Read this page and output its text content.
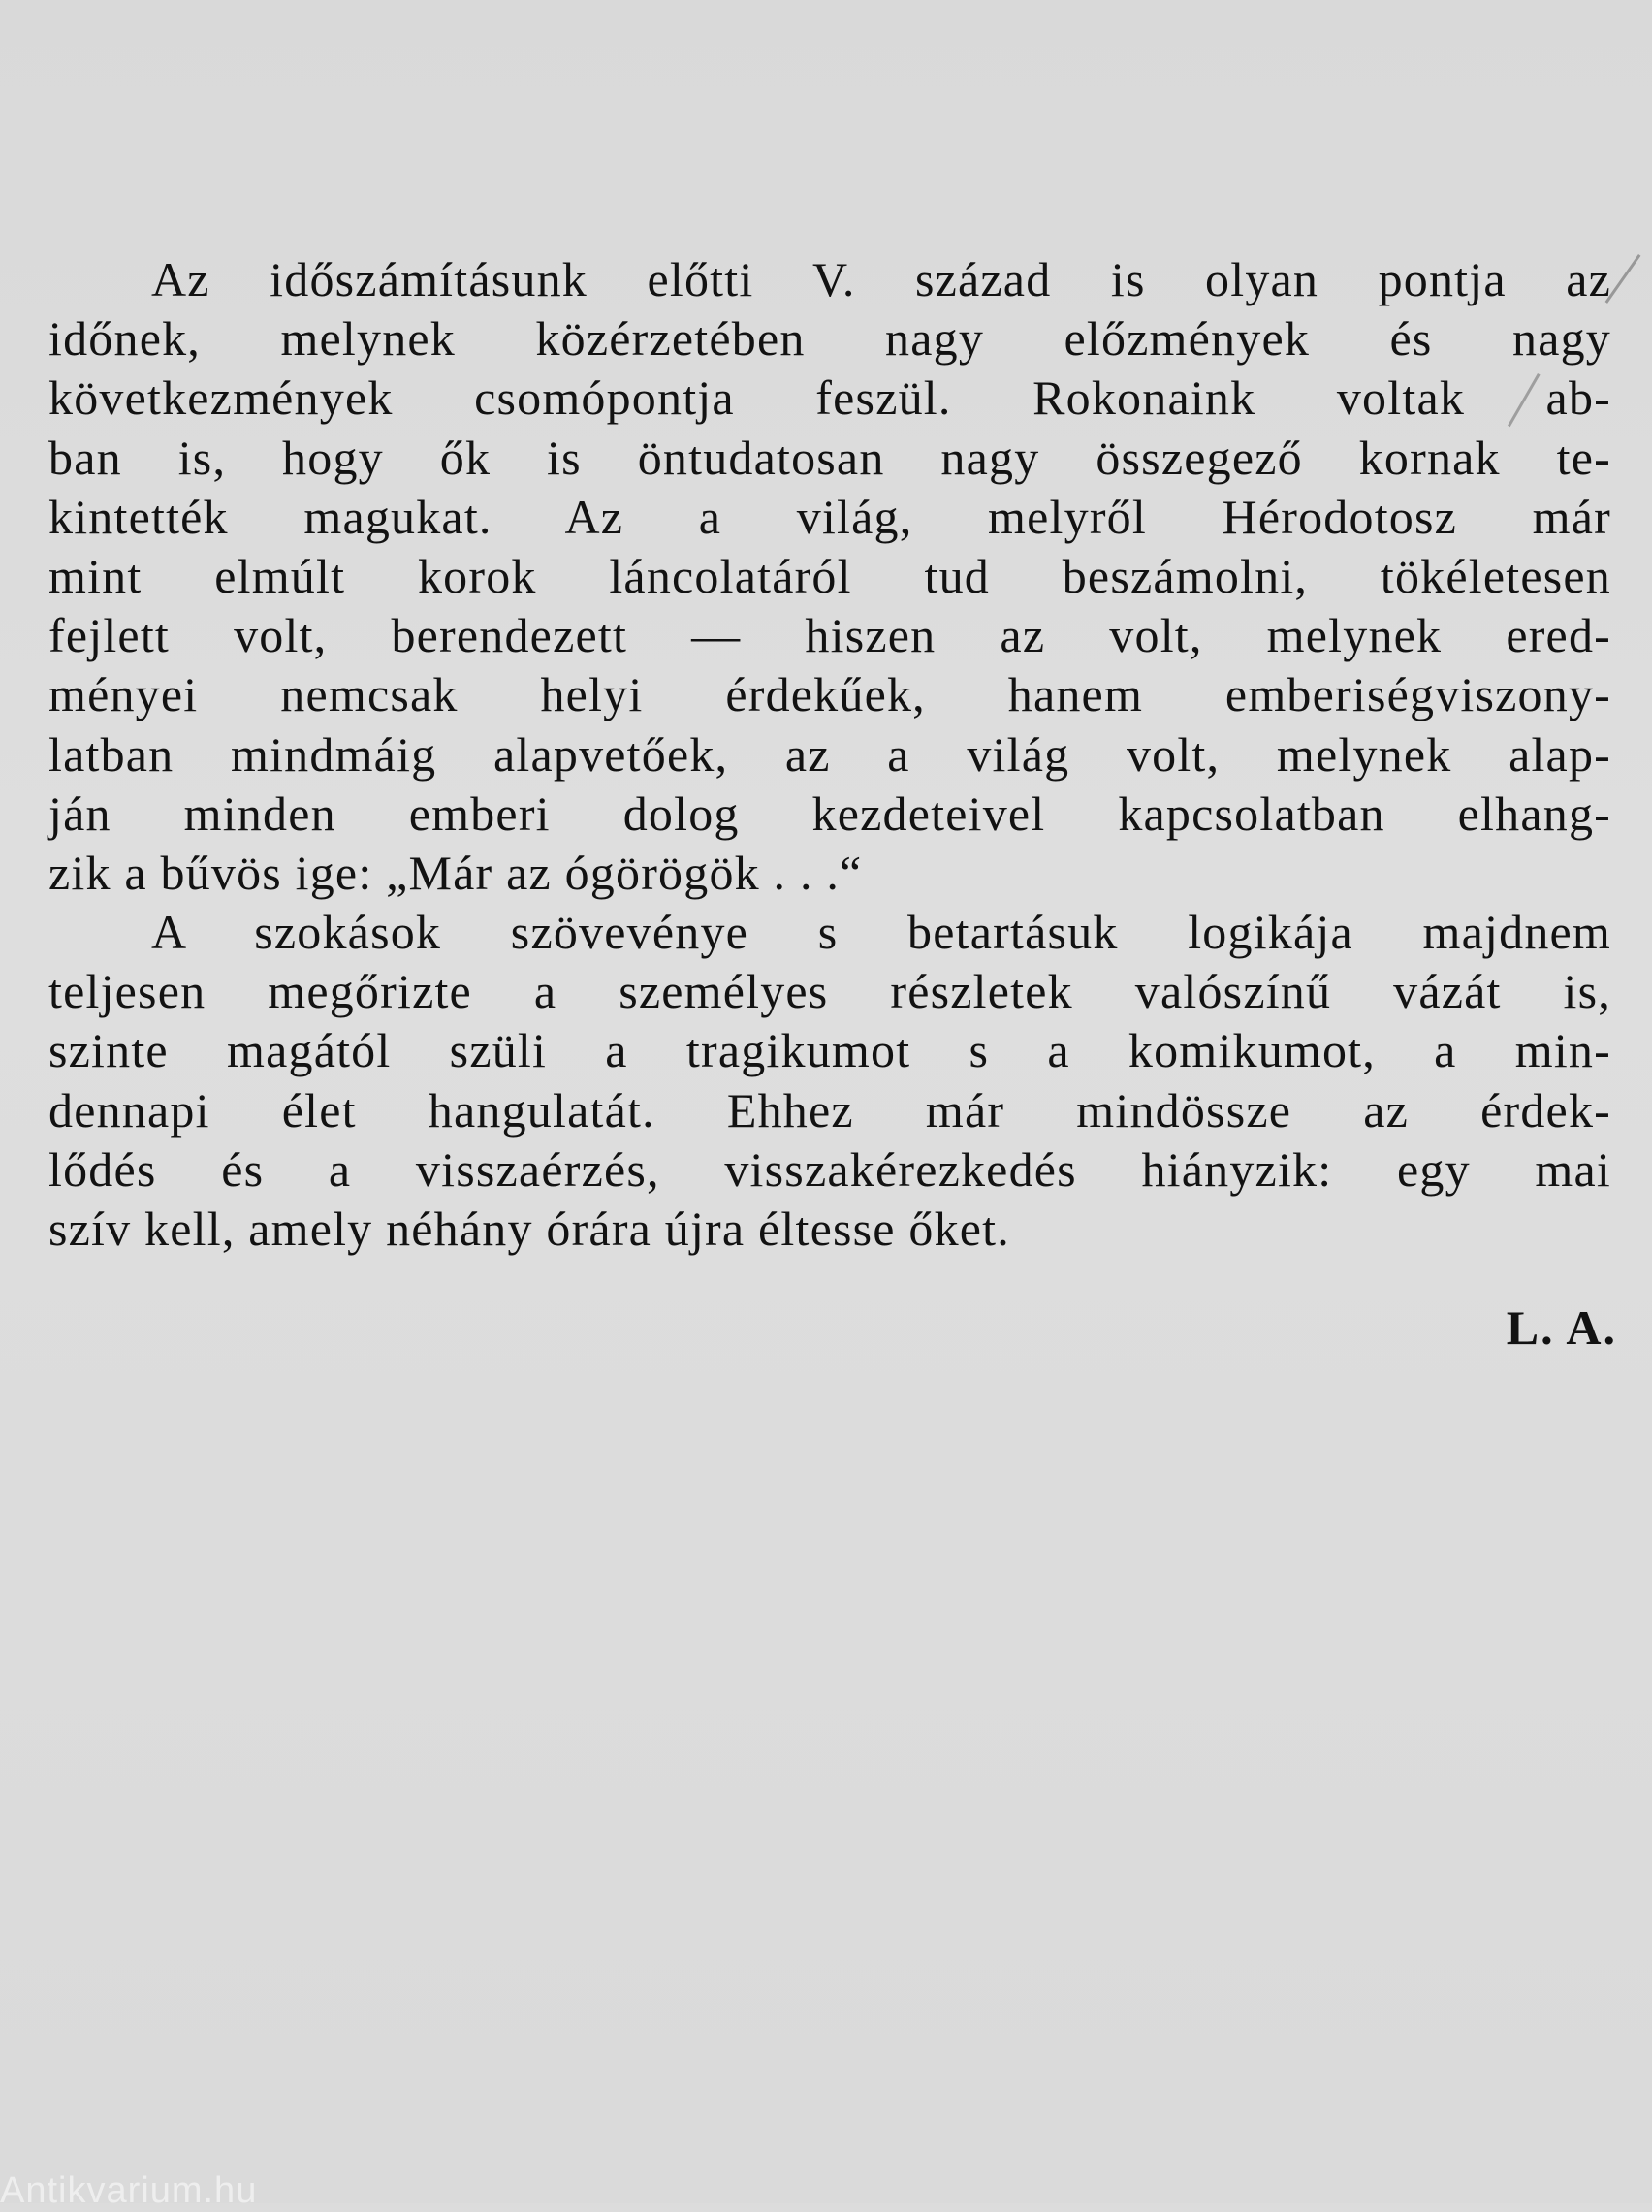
Az időszámításunk előtti V. század is olyan pontja az
időnek, melynek közérzetében nagy előzmények és nagy
következmények csomópontja feszül. Rokonaink voltak ab-
ban is, hogy ők is öntudatosan nagy összegező kornak te-
kintették magukat. Az a világ, melyről Hérodotosz már
mint elmúlt korok láncolatáról tud beszámolni, tökéletesen
fejlett volt, berendezett — hiszen az volt, melynek ered-
ményei nemcsak helyi érdekűek, hanem emberiségviszony-
latban mindmáig alapvetőek, az a világ volt, melynek alap-
ján minden emberi dolog kezdeteivel kapcsolatban elhang-
zik a bűvös ige: „Már az ógörögök . . .“
A szokások szövevénye s betartásuk logikája majdnem
teljesen megőrizte a személyes részletek valószínű vázát is,
szinte magától szüli a tragikumot s a komikumot, a min-
dennapi élet hangulatát. Ehhez már mindössze az érdek-
lődés és a visszaérzés, visszakérezkedés hiányzik: egy mai
szív kell, amely néhány órára újra éltesse őket.
L. A.
Antikvarium.hu
